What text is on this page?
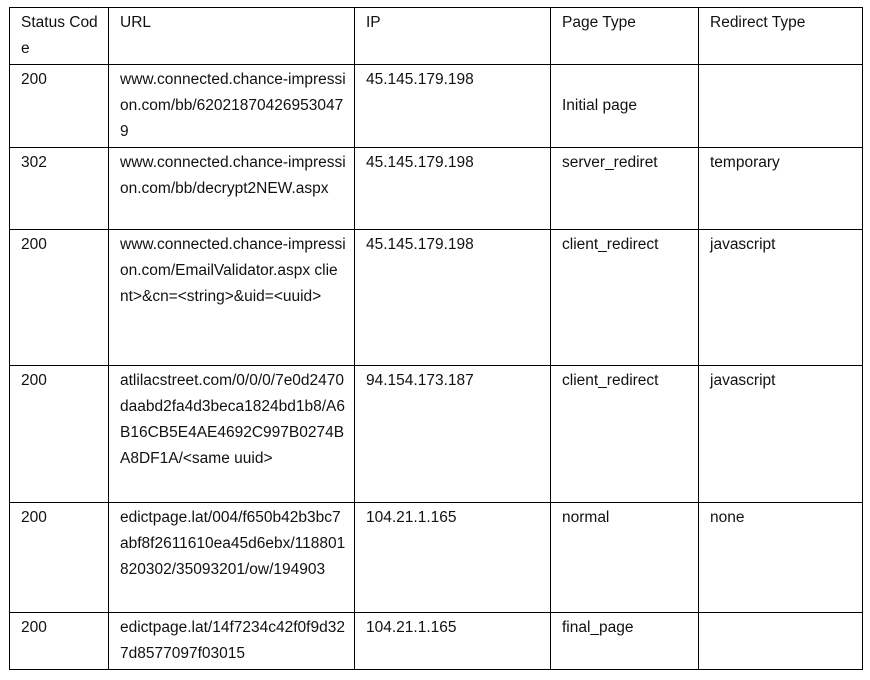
Status Code	URL	IP	Page Type	Redirect Type
200	www.connected.chance-impression.com/bb/620218704269530479	45.145.179.198	Initial page	
302	www.connected.chance-impression.com/bb/decrypt2NEW.aspx	45.145.179.198	server_rediret	temporary
200	www.connected.chance-impression.com/EmailValidator.aspx client>&cn=<string>&uid=<uuid>	45.145.179.198	client_redirect	javascript
200	atlilacstreet.com/0/0/0/7e0d2470daabd2fa4d3beca1824bd1b8/A6B16CB5E4AE4692C997B0274BA8DF1A/<same uuid>	94.154.173.187	client_redirect	javascript
200	edictpage.lat/004/f650b42b3bc7abf8f2611610ea45d6ebx/118801820302/35093201/ow/194903	104.21.1.165	normal	none
200	edictpage.lat/14f7234c42f0f9d327d8577097f03015	104.21.1.165	final_page	
